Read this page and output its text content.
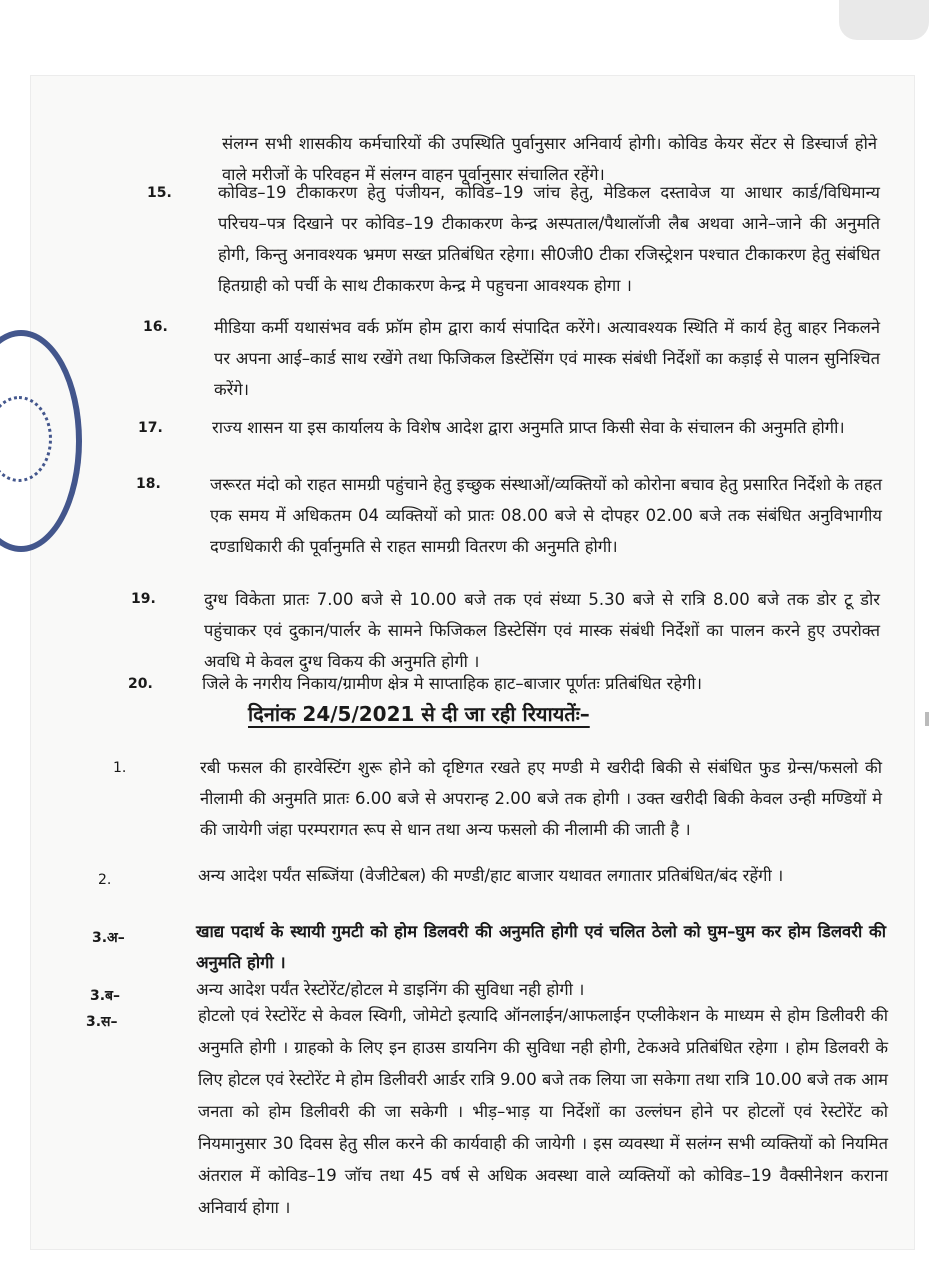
संलग्न सभी शासकीय कर्मचारियों की उपस्थिति पुर्वानुसार अनिवार्य होगी। कोविड केयर सेंटर से डिस्चार्ज होने वाले मरीजों के परिवहन में संलग्न वाहन पूर्वानुसार संचालित रहेंगे।
15.	कोविड–19 टीकाकरण हेतु पंजीयन, कोविड–19 जांच हेतु, मेडिकल दस्तावेज या आधार कार्ड/विधिमान्य परिचय–पत्र दिखाने पर कोविड–19 टीकाकरण केन्द्र अस्पताल/पैथालॉजी लैब अथवा आने–जाने की अनुमति होगी, किन्तु अनावश्यक भ्रमण सख्त प्रतिबंधित रहेगा। सी0जी0 टीका रजिस्ट्रेशन पश्चात टीकाकरण हेतु संबंधित हितग्राही को पर्ची के साथ टीकाकरण केन्द्र मे पहुचना आवश्यक होगा ।
16.	मीडिया कर्मी यथासंभव वर्क फ्रॉम होम द्वारा कार्य संपादित करेंगे। अत्यावश्यक स्थिति में कार्य हेतु बाहर निकलने पर अपना आई–कार्ड साथ रखेंगे तथा फिजिकल डिस्टेंसिंग एवं मास्क संबंधी निर्देशों का कड़ाई से पालन सुनिश्चित करेंगे।
17.	राज्य शासन या इस कार्यालय के विशेष आदेश द्वारा अनुमति प्राप्त किसी सेवा के संचालन की अनुमति होगी।
18.	जरूरत मंदो को राहत सामग्री पहुंचाने हेतु इच्छुक संस्थाओं/व्यक्तियों को कोरोना बचाव हेतु प्रसारित निर्देशो के तहत एक समय में अधिकतम 04 व्यक्तियों को प्रातः 08.00 बजे से दोपहर 02.00 बजे तक संबंधित अनुविभागीय दण्डाधिकारी की पूर्वानुमति से राहत सामग्री वितरण की अनुमति होगी।
19.	दुग्ध विकेता प्रातः 7.00 बजे से 10.00 बजे तक एवं संध्या 5.30 बजे से रात्रि 8.00 बजे तक डोर टू डोर पहुंचाकर एवं दुकान/पार्लर के सामने फिजिकल डिस्टेसिंग एवं मास्क संबंधी निर्देशों का पालन करने हुए उपरोक्त अवधि मे केवल दुग्ध विकय की अनुमति होगी ।
20.	जिले के नगरीय निकाय/ग्रामीण क्षेत्र मे साप्ताहिक हाट–बाजार पूर्णतः प्रतिबंधित रहेगी।
दिनांक 24/5/2021 से दी जा रही रियायतेंः–
1.	रबी फसल की हारवेस्टिंग शुरू होने को दृष्टिगत रखते हए मण्डी मे खरीदी बिकी से संबंधित फुड ग्रेन्स/फसलो की नीलामी की अनुमति प्रातः 6.00 बजे से अपरान्ह 2.00 बजे तक होगी । उक्त खरीदी बिकी केवल उन्ही मण्डियों मे की जायेगी जंहा परम्परागत रूप से धान तथा अन्य फसलो की नीलामी की जाती है ।
2.	अन्य आदेश पर्यंत सब्जिंया (वेजीटेबल) की मण्डी/हाट बाजार यथावत लगातार प्रतिबंधित/बंद रहेंगी ।
3.अ–	खाद्य पदार्थ के स्थायी गुमटी को होम डिलवरी की अनुमति होगी एवं चलित ठेलो को घुम–घुम कर होम डिलवरी की अनुमति होगी ।
3.ब–	अन्य आदेश पर्यंत रेस्टोरेंट/होटल मे डाइनिंग की सुविधा नही होगी ।
3.स–	होटलो एवं रेस्टोरेंट से केवल स्विगी, जोमेटो इत्यादि ऑनलाईन/आफलाईन एप्लीकेशन के माध्यम से होम डिलीवरी की अनुमति होगी । ग्राहको के लिए इन हाउस डायनिग की सुविधा नही होगी, टेकअवे प्रतिबंधित रहेगा । होम डिलवरी के लिए होटल एवं रेस्टोरेंट मे होम डिलीवरी आर्डर रात्रि 9.00 बजे तक लिया जा सकेगा तथा रात्रि 10.00 बजे तक आम जनता को होम डिलीवरी की जा सकेगी । भीड़–भाड़ या निर्देशों का उल्लंघन होने पर होटलों एवं रेस्टोरेंट को नियमानुसार 30 दिवस हेतु सील करने की कार्यवाही की जायेगी । इस व्यवस्था में सलंग्न सभी व्यक्तियों को नियमित अंतराल में कोविड–19 जॉच तथा 45 वर्ष से अधिक अवस्था वाले व्यक्तियों को कोविड–19 वैक्सीनेशन कराना अनिवार्य होगा ।
